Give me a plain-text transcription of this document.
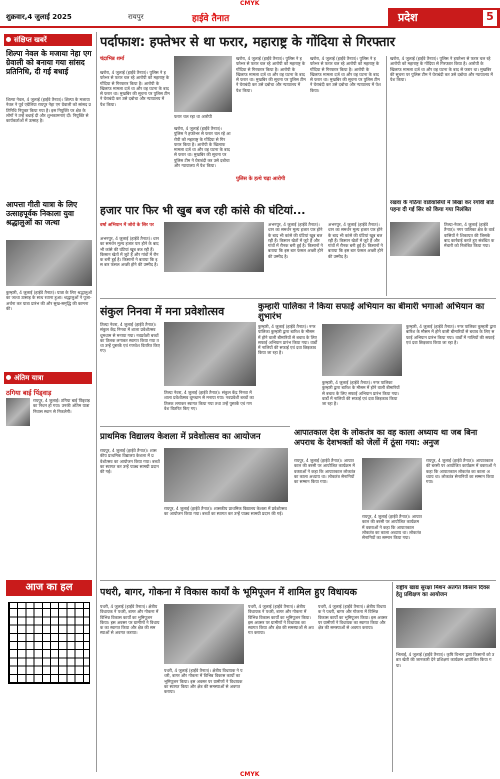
CMYK
शुक्रवार,4 जुलाई 2025	रायपुर	हाईवे तैनात	प्रदेश	5
संक्षिप्त खबरें
शिल्पा नेवल के मजाया नेहा एग ग्रेवाली को बनाया गया सांसद प्रतिनिधि, दी गई बधाई
शिल्पा नेवल, 4 जुलाई (हाईवे तैनात)। शिल्पा के मजाया नेवल ने पूर्व एग्रेलिया रायपुर नेहा एग ग्रेवाली को सांसद प्रतिनिधि नियुक्त किया गया है। इस नियुक्ति पर क्षेत्र के लोगों ने उन्हें बधाई दी और शुभकामनाएं दीं। नियुक्ति से कार्यकर्ताओं में उत्साह है।
आपत्ता गीती यात्रा के लिए उत्साहपूर्वक निकाला युवा श्रद्धालुओं का जत्था
कुम्हारी, 4 जुलाई (हाईवे तैनात)। यात्रा के लिए श्रद्धालुओं का जत्था उत्साह के साथ रवाना हुआ। श्रद्धालुओं ने पूजा-अर्चना कर यात्रा प्रारंभ की और सुख-समृद्धि की कामना की।
अंतिम यात्रा
ठगिया बाई पिंड्वाड़
रायपुर, 4 जुलाई। ठगिया बाई पिंड्वाड़ का निधन हो गया। उनकी अंतिम यात्रा निवास स्थान से निकलेगी।
आज का हल
पर्दाफाश: हफ्तेभर से था फरार, महाराष्ट्र के गोंदिया से गिरफ्तार
चंद्राभिन्न शर्मा
खरोरा, 4 जुलाई (हाईवे तैनात)। पुलिस ने हफ्तेभर से फरार चल रहे आरोपी को महाराष्ट्र के गोंदिया से गिरफ्तार किया है। आरोपी के खिलाफ मामला दर्ज था और वह घटना के बाद से फरार था। मुखबिर की सूचना पर पुलिस टीम ने घेराबंदी कर उसे दबोचा और न्यायालय में पेश किया।
फरार चल रहा था आरोपी
खरोरा, 4 जुलाई (हाईवे तैनात)। पुलिस ने हफ्तेभर से फरार चल रहे आरोपी को महाराष्ट्र के गोंदिया से गिरफ्तार किया है। आरोपी के खिलाफ मामला दर्ज था और वह घटना के बाद से फरार था। मुखबिर की सूचना पर पुलिस टीम ने घेराबंदी कर उसे दबोचा और न्यायालय में पेश किया।
खरोरा, 4 जुलाई (हाईवे तैनात)। पुलिस ने हफ्तेभर से फरार चल रहे आरोपी को महाराष्ट्र के गोंदिया से गिरफ्तार किया है। आरोपी के खिलाफ मामला दर्ज था और वह घटना के बाद से फरार था। मुखबिर की सूचना पर पुलिस टीम ने घेराबंदी कर उसे दबोचा और न्यायालय में पेश किया।
पुलिस के हत्थे चढ़ा आरोपी
खरोरा, 4 जुलाई (हाईवे तैनात)। पुलिस ने हफ्तेभर से फरार चल रहे आरोपी को महाराष्ट्र के गोंदिया से गिरफ्तार किया है। आरोपी के खिलाफ मामला दर्ज था और वह घटना के बाद से फरार था। मुखबिर की सूचना पर पुलिस टीम ने घेराबंदी कर उसे दबोचा और न्यायालय में पेश किया।
हजार पार फिर भी खुब बज रही कांसे की घंटियां...
वर्षा अभियान में जोरो के सिर पर
अभनपुर, 4 जुलाई (हाईवे तैनात)। धान का समर्थन मूल्य हजार पार होने के बाद भी कांसे की घंटियां खूब बज रही हैं। किसान खेतों में जुटे हैं और गांवों में रौनक बनी हुई है। किसानों ने बताया कि इस बार फसल अच्छी होने की उम्मीद है।
अभनपुर, 4 जुलाई (हाईवे तैनात)। धान का समर्थन मूल्य हजार पार होने के बाद भी कांसे की घंटियां खूब बज रही हैं। किसान खेतों में जुटे हैं और गांवों में रौनक बनी हुई है। किसानों ने बताया कि इस बार फसल अच्छी होने की उम्मीद है।
अभनपुर, 4 जुलाई (हाईवे तैनात)। धान का समर्थन मूल्य हजार पार होने के बाद भी कांसे की घंटियां खूब बज रही हैं। किसान खेतों में जुटे हैं और गांवों में रौनक बनी हुई है। किसानों ने बताया कि इस बार फसल अच्छी होने की उम्मीद है।
खरोरा, 4 जुलाई (हाईवे तैनात)। पुलिस ने हफ्तेभर से फरार चल रहे आरोपी को महाराष्ट्र के गोंदिया से गिरफ्तार किया है। आरोपी के खिलाफ मामला दर्ज था और वह घटना के बाद से फरार था। मुखबिर की सूचना पर पुलिस टीम ने घेराबंदी कर उसे दबोचा और न्यायालय में पेश किया।
रखवा के गठिया वार्डवासियों में बिखा कर रंगोर्वी बोर्ड पहना दी गई सिर को किया गया निलंबित
तिल्दा-नेवरा, 4 जुलाई (हाईवे तैनात)। नगर पालिका क्षेत्र के वार्डवासियों ने शिकायत की जिसके बाद कार्रवाई करते हुए संबंधित कर्मचारी को निलंबित किया गया।
संकुल निनवा में मना प्रवेशोत्सव
तिल्दा नेवरा, 4 जुलाई (हाईवे तैनात)। संकुल केंद्र निनवा में शाला प्रवेशोत्सव धूमधाम से मनाया गया। नवप्रवेशी बच्चों का तिलक लगाकर स्वागत किया गया तथा उन्हें पुस्तकें एवं गणवेश वितरित किए गए।
तिल्दा नेवरा, 4 जुलाई (हाईवे तैनात)। संकुल केंद्र निनवा में शाला प्रवेशोत्सव धूमधाम से मनाया गया। नवप्रवेशी बच्चों का तिलक लगाकर स्वागत किया गया तथा उन्हें पुस्तकें एवं गणवेश वितरित किए गए।
कुम्हारी पालिका ने किया सफाई अभियान का बीमारी भगाओ अभियान का शुभारंभ
कुम्हारी, 4 जुलाई (हाईवे तैनात)। नगर पालिका कुम्हारी द्वारा बारिश के मौसम में होने वाली बीमारियों से बचाव के लिए सफाई अभियान प्रारंभ किया गया। वार्डों में नालियों की सफाई एवं दवा छिड़काव किया जा रहा है।
कुम्हारी, 4 जुलाई (हाईवे तैनात)। नगर पालिका कुम्हारी द्वारा बारिश के मौसम में होने वाली बीमारियों से बचाव के लिए सफाई अभियान प्रारंभ किया गया। वार्डों में नालियों की सफाई एवं दवा छिड़काव किया जा रहा है।
कुम्हारी, 4 जुलाई (हाईवे तैनात)। नगर पालिका कुम्हारी द्वारा बारिश के मौसम में होने वाली बीमारियों से बचाव के लिए सफाई अभियान प्रारंभ किया गया। वार्डों में नालियों की सफाई एवं दवा छिड़काव किया जा रहा है।
प्राथमिक विद्यालय केशला में प्रवेशोत्सव का आयोजन
रायपुर, 4 जुलाई (हाईवे तैनात)। शासकीय प्राथमिक विद्यालय केशला में प्रवेशोत्सव का आयोजन किया गया। बच्चों का स्वागत कर उन्हें पाठ्य सामग्री प्रदान की गई।
रायपुर, 4 जुलाई (हाईवे तैनात)। शासकीय प्राथमिक विद्यालय केशला में प्रवेशोत्सव का आयोजन किया गया। बच्चों का स्वागत कर उन्हें पाठ्य सामग्री प्रदान की गई।
आपातकाल देश के लोकतंत्र का वह काला अध्याय था जब बिना अपराध के देशभक्तों को जेलों में ठूंसा गया: अनुज
रायपुर, 4 जुलाई (हाईवे तैनात)। आपातकाल की बरसी पर आयोजित कार्यक्रम में वक्ताओं ने कहा कि आपातकाल लोकतंत्र का काला अध्याय था। लोकतंत्र सेनानियों का सम्मान किया गया।
रायपुर, 4 जुलाई (हाईवे तैनात)। आपातकाल की बरसी पर आयोजित कार्यक्रम में वक्ताओं ने कहा कि आपातकाल लोकतंत्र का काला अध्याय था। लोकतंत्र सेनानियों का सम्मान किया गया।
रायपुर, 4 जुलाई (हाईवे तैनात)। आपातकाल की बरसी पर आयोजित कार्यक्रम में वक्ताओं ने कहा कि आपातकाल लोकतंत्र का काला अध्याय था। लोकतंत्र सेनानियों का सम्मान किया गया।
पथरी, बागर, गोकना में विकास कार्यों के भूमिपूजन में शामिल हुए विधायक
पथरी, 4 जुलाई (हाईवे तैनात)। क्षेत्रीय विधायक ने पथरी, बागर और गोकना में विभिन्न विकास कार्यों का भूमिपूजन किया। इस अवसर पर ग्रामीणों ने विधायक का स्वागत किया और क्षेत्र की समस्याओं से अवगत कराया।
पथरी, 4 जुलाई (हाईवे तैनात)। क्षेत्रीय विधायक ने पथरी, बागर और गोकना में विभिन्न विकास कार्यों का भूमिपूजन किया। इस अवसर पर ग्रामीणों ने विधायक का स्वागत किया और क्षेत्र की समस्याओं से अवगत कराया।
पथरी, 4 जुलाई (हाईवे तैनात)। क्षेत्रीय विधायक ने पथरी, बागर और गोकना में विभिन्न विकास कार्यों का भूमिपूजन किया। इस अवसर पर ग्रामीणों ने विधायक का स्वागत किया और क्षेत्र की समस्याओं से अवगत कराया।
पथरी, 4 जुलाई (हाईवे तैनात)। क्षेत्रीय विधायक ने पथरी, बागर और गोकना में विभिन्न विकास कार्यों का भूमिपूजन किया। इस अवसर पर ग्रामीणों ने विधायक का स्वागत किया और क्षेत्र की समस्याओं से अवगत कराया।
राष्ट्रीय खाद्य सुरक्षा मिशन अंतर्गत किसान दिवस हेतु प्रशिक्षण का आयोजन
भिलाई, 4 जुलाई (हाईवे तैनात)। कृषि विभाग द्वारा किसानों को उन्नत खेती की जानकारी देने प्रशिक्षण कार्यक्रम आयोजित किया गया।
CMYK
